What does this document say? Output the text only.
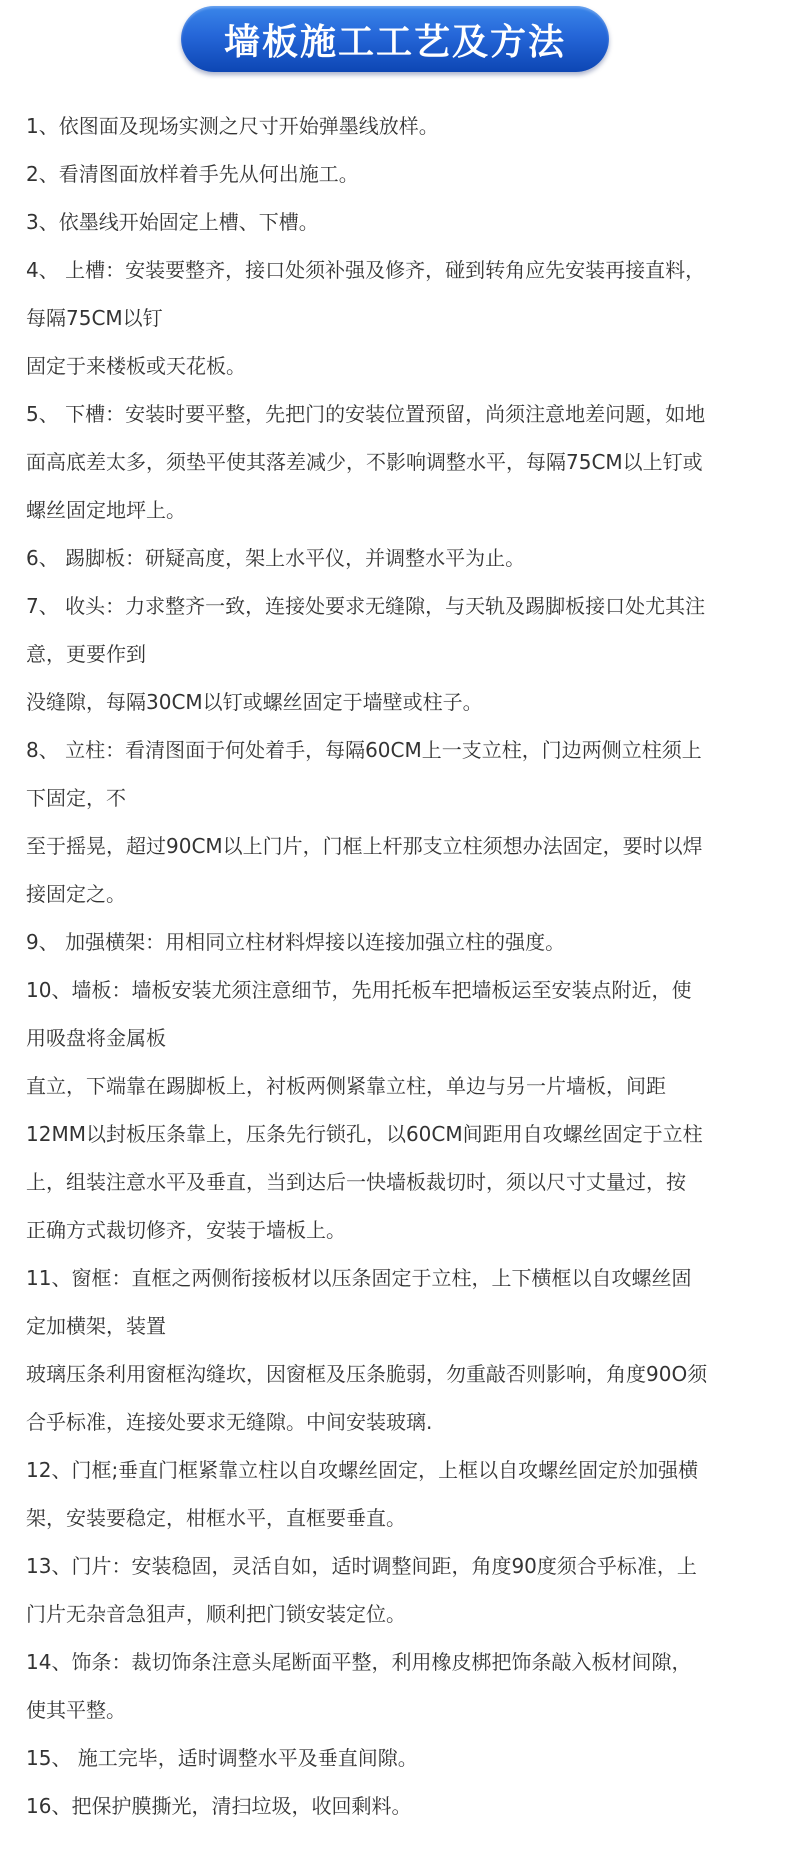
墙板施工工艺及方法
1、依图面及现场实测之尺寸开始弹墨线放样。
2、看清图面放样着手先从何出施工。
3、依墨线开始固定上槽、下槽。
4、 上槽：安装要整齐，接口处须补强及修齐，碰到转角应先安装再接直料，
每隔75CM以钉
固定于来楼板或天花板。
5、 下槽：安装时要平整，先把门的安装位置预留，尚须注意地差问题，如地
面高底差太多，须垫平使其落差减少，不影响调整水平，每隔75CM以上钉或
螺丝固定地坪上。
6、 踢脚板：研疑高度，架上水平仪，并调整水平为止。
7、 收头：力求整齐一致，连接处要求无缝隙，与天轨及踢脚板接口处尤其注
意，更要作到
没缝隙，每隔30CM以钉或螺丝固定于墙壁或柱子。
8、 立柱：看清图面于何处着手，每隔60CM上一支立柱，门边两侧立柱须上
下固定，不
至于摇晃，超过90CM以上门片，门框上杆那支立柱须想办法固定，要时以焊
接固定之。
9、 加强横架：用相同立柱材料焊接以连接加强立柱的强度。
10、墙板：墙板安装尤须注意细节，先用托板车把墙板运至安装点附近，使
用吸盘将金属板
直立，下端靠在踢脚板上，衬板两侧紧靠立柱，单边与另一片墙板，间距
12MM以封板压条靠上，压条先行锁孔，以60CM间距用自攻螺丝固定于立柱
上，组装注意水平及垂直，当到达后一快墙板裁切时，须以尺寸丈量过，按
正确方式裁切修齐，安装于墙板上。
11、窗框：直框之两侧衔接板材以压条固定于立柱，上下横框以自攻螺丝固
定加横架，装置
玻璃压条利用窗框沟缝坎，因窗框及压条脆弱，勿重敲否则影响，角度90O须
合乎标准，连接处要求无缝隙。中间安装玻璃.
12、门框;垂直门框紧靠立柱以自攻螺丝固定，上框以自攻螺丝固定於加强横
架，安装要稳定，柑框水平，直框要垂直。
13、门片：安装稳固，灵活自如，适时调整间距，角度90度须合乎标准，上
门片无杂音急狙声，顺利把门锁安装定位。
14、饰条：裁切饰条注意头尾断面平整，利用橡皮梆把饰条敲入板材间隙，
使其平整。
15、 施工完毕，适时调整水平及垂直间隙。
16、把保护膜撕光，清扫垃圾，收回剩料。
